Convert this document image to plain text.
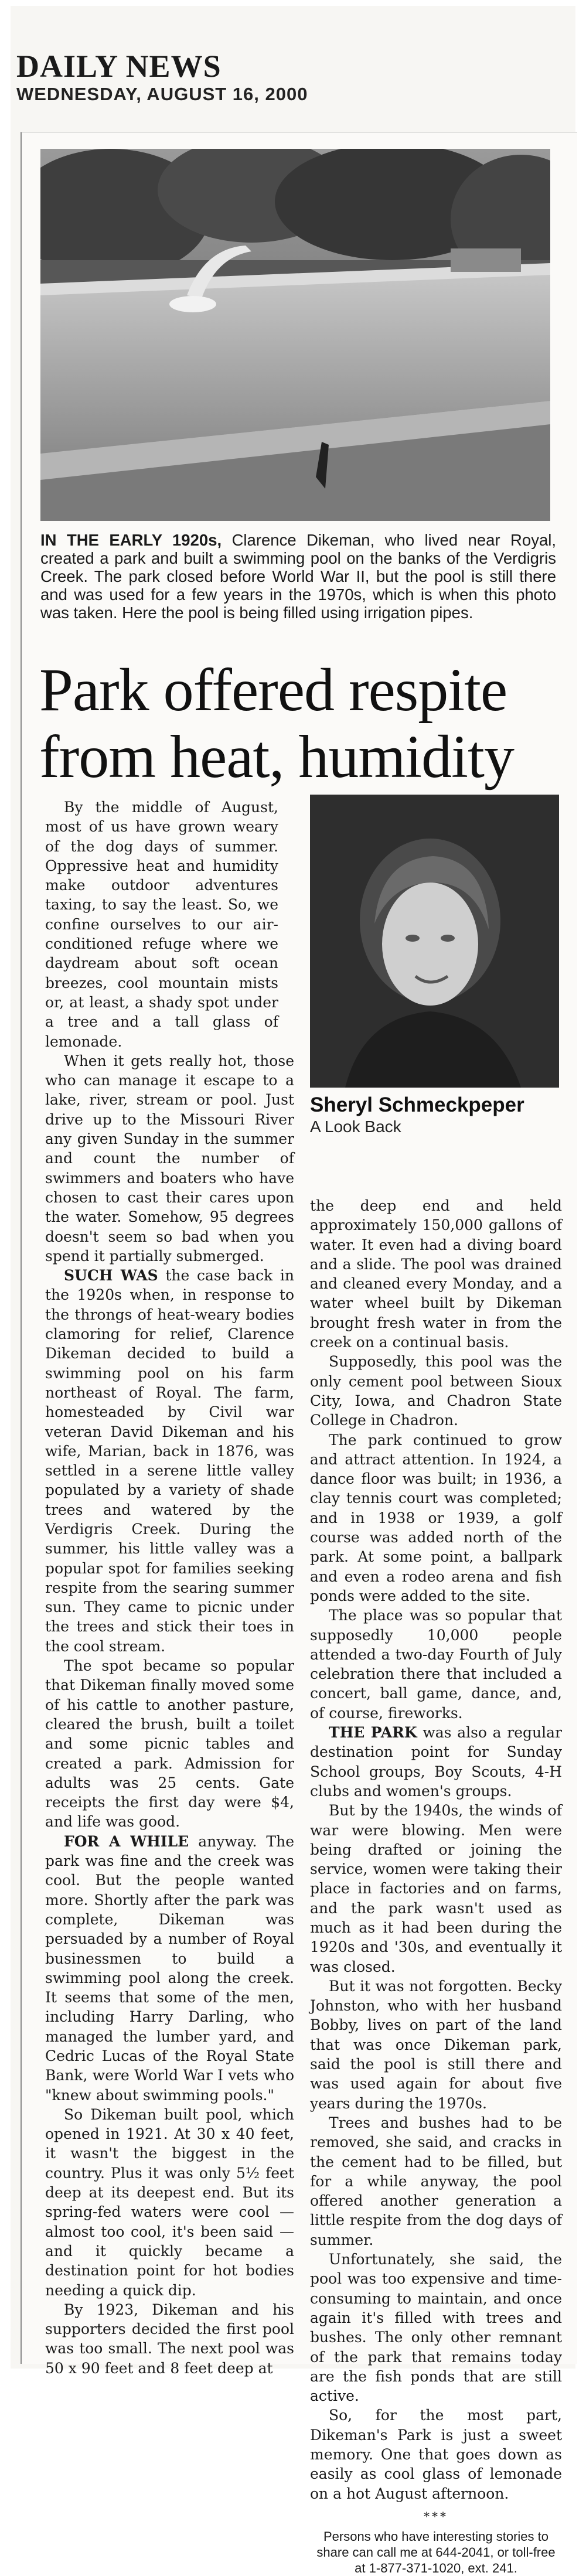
DAILY NEWS
WEDNESDAY, AUGUST 16, 2000
IN THE EARLY 1920s, Clarence Dikeman, who lived near Royal, created a park and built a swimming pool on the banks of the Verdigris Creek. The park closed before World War II, but the pool is still there and was used for a few years in the 1970s, which is when this photo was taken. Here the pool is being filled using irrigation pipes.
Park offered respite from heat, humidity
Sheryl Schmeckpeper
A Look Back

By the middle of August, most of us have grown weary of the dog days of summer. Oppressive heat and humidity make outdoor adventures taxing, to say the least. So, we confine ourselves to our air-conditioned refuge where we daydream about soft ocean breezes, cool mountain mists or, at least, a shady spot under a tree and a tall glass of lemonade.

When it gets really hot, those who can manage it escape to a lake, river, stream or pool. Just drive up to the Missouri River any given Sunday in the summer and count the number of swimmers and boaters who have chosen to cast their cares upon the water. Somehow, 95 degrees doesn't seem so bad when you spend it partially submerged.

SUCH WAS the case back in the 1920s when, in response to the throngs of heat-weary bodies clamoring for relief, Clarence Dikeman decided to build a swimming pool on his farm northeast of Royal. The farm, homesteaded by Civil war veteran David Dikeman and his wife, Marian, back in 1876, was settled in a serene little valley populated by a variety of shade trees and watered by the Verdigris Creek. During the summer, his little valley was a popular spot for families seeking respite from the searing summer sun. They came to picnic under the trees and stick their toes in the cool stream.

The spot became so popular that Dikeman finally moved some of his cattle to another pasture, cleared the brush, built a toilet and some picnic tables and created a park. Admission for adults was 25 cents. Gate receipts the first day were $4, and life was good.

FOR A WHILE anyway. The park was fine and the creek was cool. But the people wanted more. Shortly after the park was complete, Dikeman was persuaded by a number of Royal businessmen to build a swimming pool along the creek. It seems that some of the men, including Harry Darling, who managed the lumber yard, and Cedric Lucas of the Royal State Bank, were World War I vets who "knew about swimming pools."

So Dikeman built pool, which opened in 1921. At 30 x 40 feet, it wasn't the biggest in the country. Plus it was only 5½ feet deep at its deepest end. But its spring-fed waters were cool — almost too cool, it's been said — and it quickly became a destination point for hot bodies needing a quick dip.

By 1923, Dikeman and his supporters decided the first pool was too small. The next pool was 50 x 90 feet and 8 feet deep at

the deep end and held approximately 150,000 gallons of water. It even had a diving board and a slide. The pool was drained and cleaned every Monday, and a water wheel built by Dikeman brought fresh water in from the creek on a continual basis.

Supposedly, this pool was the only cement pool between Sioux City, Iowa, and Chadron State College in Chadron.

The park continued to grow and attract attention. In 1924, a dance floor was built; in 1936, a clay tennis court was completed; and in 1938 or 1939, a golf course was added north of the park. At some point, a ballpark and even a rodeo arena and fish ponds were added to the site.

The place was so popular that supposedly 10,000 people attended a two-day Fourth of July celebration there that included a concert, ball game, dance, and, of course, fireworks.

THE PARK was also a regular destination point for Sunday School groups, Boy Scouts, 4-H clubs and women's groups.

But by the 1940s, the winds of war were blowing. Men were being drafted or joining the service, women were taking their place in factories and on farms, and the park wasn't used as much as it had been during the 1920s and '30s, and eventually it was closed.

But it was not forgotten. Becky Johnston, who with her husband Bobby, lives on part of the land that was once Dikeman park, said the pool is still there and was used again for about five years during the 1970s.

Trees and bushes had to be removed, she said, and cracks in the cement had to be filled, but for a while anyway, the pool offered another generation a little respite from the dog days of summer.

Unfortunately, she said, the pool was too expensive and time-consuming to maintain, and once again it's filled with trees and bushes. The only other remnant of the park that remains today are the fish ponds that are still active.

So, for the most part, Dikeman's Park is just a sweet memory. One that goes down as easily as cool glass of lemonade on a hot August afternoon.

***

Persons who have interesting stories to share can call me at 644-2041, or toll-free at 1-877-371-1020, ext. 241.
